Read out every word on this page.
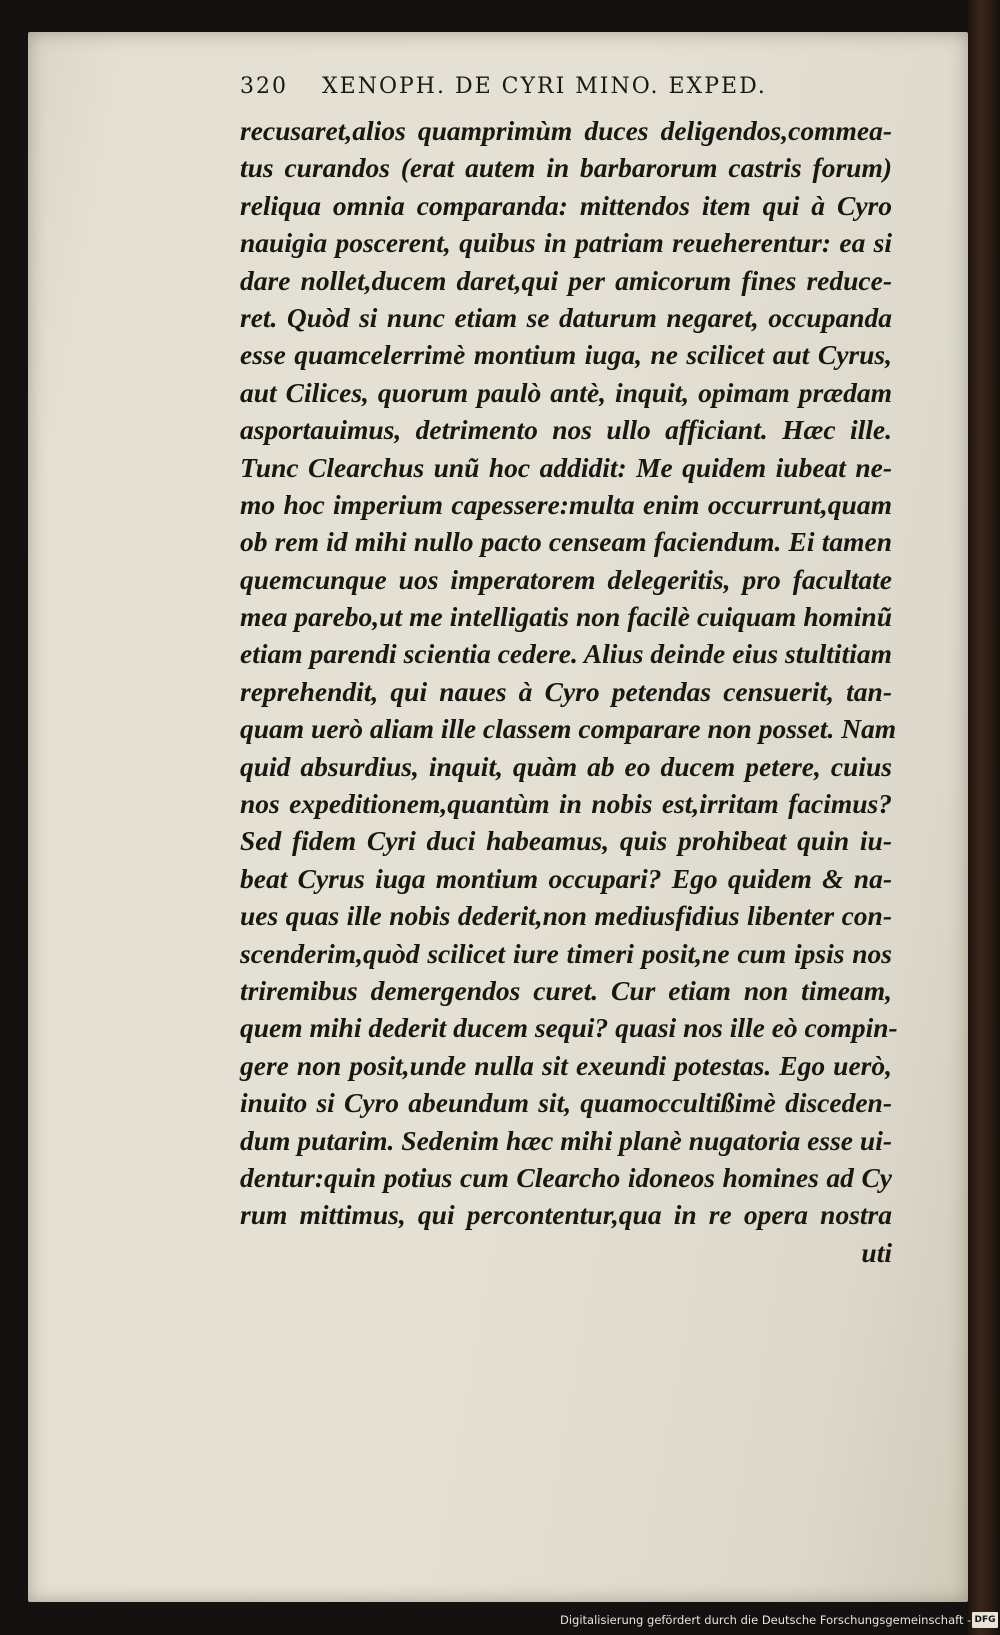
320 XENOPH. DE CYRI MINO. EXPED.
recusaret,alios quamprimùm duces deligendos,commea-
tus curandos (erat autem in barbarorum castris forum)
reliqua omnia comparanda: mittendos item qui à Cyro
nauigia poscerent, quibus in patriam reueherentur: ea si
dare nollet,ducem daret,qui per amicorum fines reduce-
ret. Quòd si nunc etiam se daturum negaret, occupanda
esse quamcelerrimè montium iuga, ne scilicet aut Cyrus,
aut Cilices, quorum paulò antè, inquit, opimam prædam
asportauimus, detrimento nos ullo afficiant. Hæc ille.
Tunc Clearchus unũ hoc addidit: Me quidem iubeat ne-
mo hoc imperium capessere:multa enim occurrunt,quam
ob rem id mihi nullo pacto censeam faciendum. Ei tamen
quemcunque uos imperatorem delegeritis, pro facultate
mea parebo,ut me intelligatis non facilè cuiquam hominũ
etiam parendi scientia cedere. Alius deinde eius stultitiam
reprehendit, qui naues à Cyro petendas censuerit, tan-
quam uerò aliam ille classem comparare non posset. Nam
quid absurdius, inquit, quàm ab eo ducem petere, cuius
nos expeditionem,quantùm in nobis est,irritam facimus?
Sed fidem Cyri duci habeamus, quis prohibeat quin iu-
beat Cyrus iuga montium occupari? Ego quidem & na-
ues quas ille nobis dederit,non mediusfidius libenter con-
scenderim,quòd scilicet iure timeri posit,ne cum ipsis nos
triremibus demergendos curet. Cur etiam non timeam,
quem mihi dederit ducem sequi? quasi nos ille eò compin-
gere non posit,unde nulla sit exeundi potestas. Ego uerò,
inuito si Cyro abeundum sit, quamoccultißimè disceden-
dum putarim. Sedenim hæc mihi planè nugatoria esse ui-
dentur:quin potius cum Clearcho idoneos homines ad Cy
rum mittimus, qui percontentur,qua in re opera nostra
uti
Digitalisierung gefördert durch die Deutsche Forschungsgemeinschaft - DFG
